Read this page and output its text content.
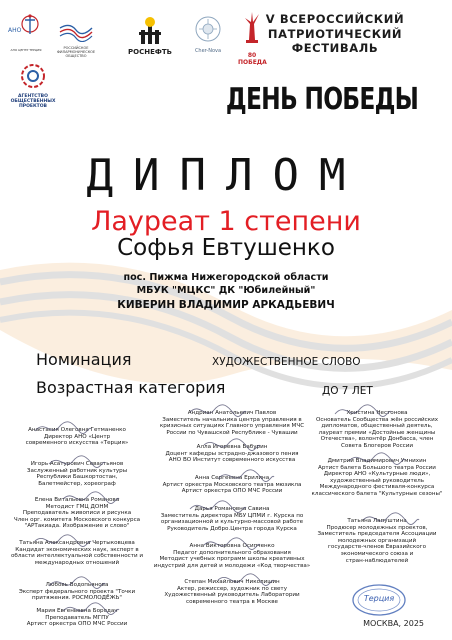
АНО
АНО ЦЕНТР ТЕРЦИЯ	РОССИЙСКОЕ ФИЛАРМОНИЧЕСКОЕ ОБЩЕСТВО	РОСНЕФТЬ	Cher-Nova
80 ПОБЕДА
АГЕНТСТВО
ОБЩЕСТВЕННЫХ
ПРОЕКТОВ
V ВСЕРОССИЙСКИЙ
ПАТРИОТИЧЕСКИЙ
ФЕСТИВАЛЬ
ДЕНЬ ПОБЕДЫ
ДИПЛОМ
Лауреат 1 степени
Софья Евтушенко
пос. Пижма Нижегородской области
МБУК "МЦКС" ДК "Юбилейный"
КИВЕРИН ВЛАДИМИР АРКАДЬЕВИЧ
Номинация	ХУДОЖЕСТВЕННОЕ СЛОВО
Возрастная категория	ДО 7 ЛЕТ
Анастасия Олеговна Гетманенко
Директор АНО «Центр
современного искусства «Терция»
Игорь Асатурович Севастьянов
Заслуженный работник культуры
Республики Башкортостан,
Балетмейстер, хореограф
Елена Витальевна Романова
Методист ГМЦ ДОНМ
Преподаватель живописи и рисунка
Член орг. комитета Московского конкурса
"АРТакиада. Изображение и слово"
Татьяна Александровна Чертыковцева
Кандидат экономических наук, эксперт в
области интеллектуальной собственности и
международных отношений
Любовь Водопьянова
Эксперт федерального проекта "Точки
притяжения. РОСМОЛОДЁЖЬ"
Мария Евгеньевна Бородач
Преподаватель МГПУ
Артист оркестра ОПО МЧС России
Андриан Анатольевич Павлов
Заместитель начальника центра управления в
кризисных ситуациях Главного управления МЧС
России по Чувашской Республике - Чувашии
Алла Игоревна Бабурин
Доцент кафедры эстрадно-джазового пения
АНО ВО Институт современного искусства
Анна Сергеевна Ерилина
Артист оркестра Московского театра мюзикла
Артист оркестра ОПО МЧС России
Дарья Романовна Савина
Заместитель директора МБУ ЦПМИ г. Курска по
организационной и культурно-массовой работе
Руководитель Добро.Центра города Курска
Анна Викторовна Осипченко
Педагог дополнительного образования
Методист учебных программ школы креативных
индустрий для детей и молодежи «Код творчества»
Степан Михайлович Николишин
Актер, режиссер, художник по свету
Художественный руководитель Лаборатории
современного театра в Москве
Христина Нестонова
Основатель Сообщества жён российских
дипломатов, общественный деятель,
лауреат премии «Достойные женщины
Отечества», волонтёр Донбасса, член
Совета Блогеров России
Дмитрий Владимирович Умнихин
Артист балета Большого театра России
Директор АНО «Культурные люди»,
художественный руководитель
Международного фестиваля-конкурса
классического балета "Культурные сезоны"
Татьяна Лапуштина
Продюсер молодежных проектов,
Заместитель председателя Ассоциации
молодежных организаций
государств-членов Евразийского
экономического союза и
стран-наблюдателей
Терция
МОСКВА, 2025
